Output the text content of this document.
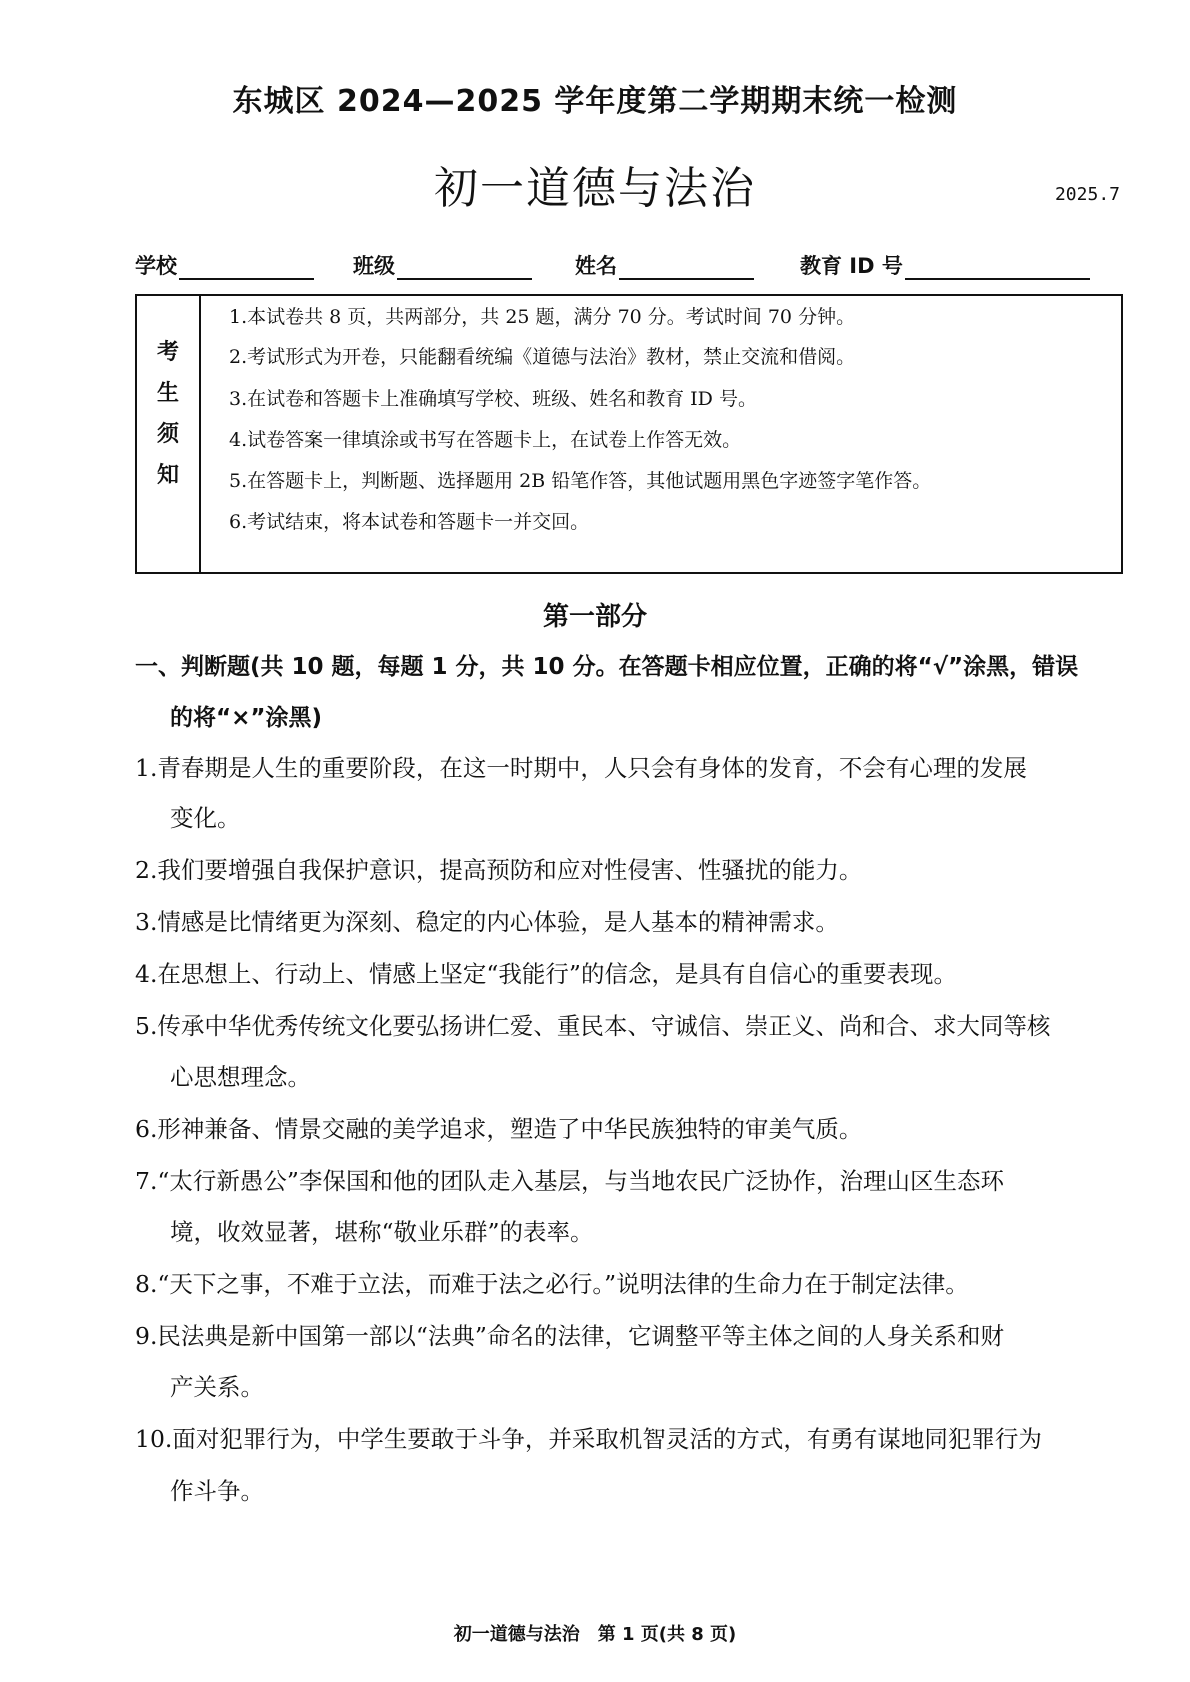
东城区 2024—2025 学年度第二学期期末统一检测
初一道德与法治	2025.7
学校	班级	姓名	教育 ID 号
考
生
须
知
1.本试卷共 8 页，共两部分，共 25 题，满分 70 分。考试时间 70 分钟。
2.考试形式为开卷，只能翻看统编《道德与法治》教材，禁止交流和借阅。
3.在试卷和答题卡上准确填写学校、班级、姓名和教育 ID 号。
4.试卷答案一律填涂或书写在答题卡上，在试卷上作答无效。
5.在答题卡上，判断题、选择题用 2B 铅笔作答，其他试题用黑色字迹签字笔作答。
6.考试结束，将本试卷和答题卡一并交回。
第一部分
一、判断题(共 10 题，每题 1 分，共 10 分。在答题卡相应位置，正确的将“√”涂黑，错误
的将“×”涂黑)
1.青春期是人生的重要阶段，在这一时期中，人只会有身体的发育，不会有心理的发展
变化。
2.我们要增强自我保护意识，提高预防和应对性侵害、性骚扰的能力。
3.情感是比情绪更为深刻、稳定的内心体验，是人基本的精神需求。
4.在思想上、行动上、情感上坚定“我能行”的信念，是具有自信心的重要表现。
5.传承中华优秀传统文化要弘扬讲仁爱、重民本、守诚信、崇正义、尚和合、求大同等核
心思想理念。
6.形神兼备、情景交融的美学追求，塑造了中华民族独特的审美气质。
7.“太行新愚公”李保国和他的团队走入基层，与当地农民广泛协作，治理山区生态环
境，收效显著，堪称“敬业乐群”的表率。
8.“天下之事，不难于立法，而难于法之必行。”说明法律的生命力在于制定法律。
9.民法典是新中国第一部以“法典”命名的法律，它调整平等主体之间的人身关系和财
产关系。
10.面对犯罪行为，中学生要敢于斗争，并采取机智灵活的方式，有勇有谋地同犯罪行为
作斗争。
初一道德与法治　第 1 页(共 8 页)
